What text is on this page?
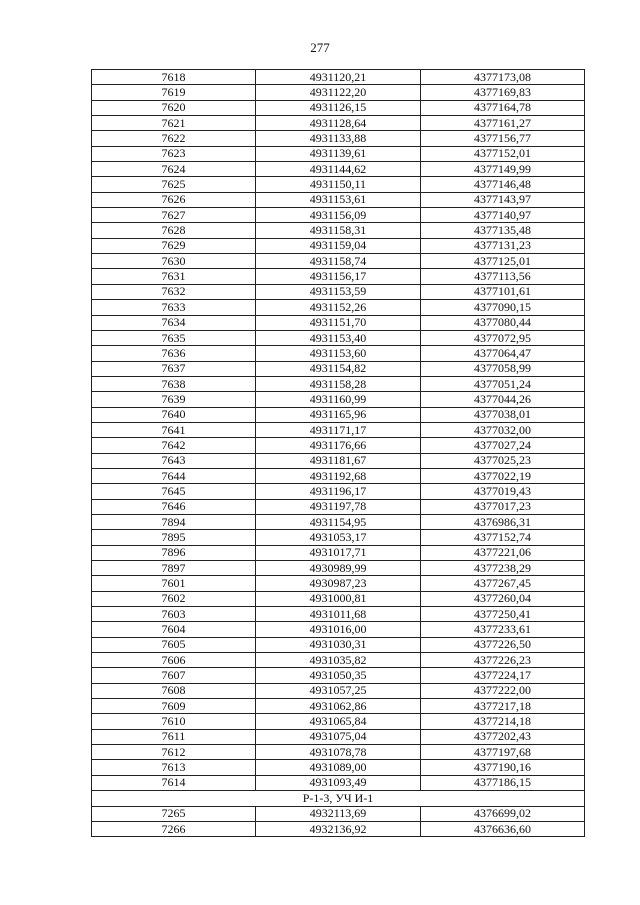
277
7618	4931120,21	4377173,08
7619	4931122,20	4377169,83
7620	4931126,15	4377164,78
7621	4931128,64	4377161,27
7622	4931133,88	4377156,77
7623	4931139,61	4377152,01
7624	4931144,62	4377149,99
7625	4931150,11	4377146,48
7626	4931153,61	4377143,97
7627	4931156,09	4377140,97
7628	4931158,31	4377135,48
7629	4931159,04	4377131,23
7630	4931158,74	4377125,01
7631	4931156,17	4377113,56
7632	4931153,59	4377101,61
7633	4931152,26	4377090,15
7634	4931151,70	4377080,44
7635	4931153,40	4377072,95
7636	4931153,60	4377064,47
7637	4931154,82	4377058,99
7638	4931158,28	4377051,24
7639	4931160,99	4377044,26
7640	4931165,96	4377038,01
7641	4931171,17	4377032,00
7642	4931176,66	4377027,24
7643	4931181,67	4377025,23
7644	4931192,68	4377022,19
7645	4931196,17	4377019,43
7646	4931197,78	4377017,23
7894	4931154,95	4376986,31
7895	4931053,17	4377152,74
7896	4931017,71	4377221,06
7897	4930989,99	4377238,29
7601	4930987,23	4377267,45
7602	4931000,81	4377260,04
7603	4931011,68	4377250,41
7604	4931016,00	4377233,61
7605	4931030,31	4377226,50
7606	4931035,82	4377226,23
7607	4931050,35	4377224,17
7608	4931057,25	4377222,00
7609	4931062,86	4377217,18
7610	4931065,84	4377214,18
7611	4931075,04	4377202,43
7612	4931078,78	4377197,68
7613	4931089,00	4377190,16
7614	4931093,49	4377186,15
Р-1-3, УЧ И-1		
7265	4932113,69	4376699,02
7266	4932136,92	4376636,60
